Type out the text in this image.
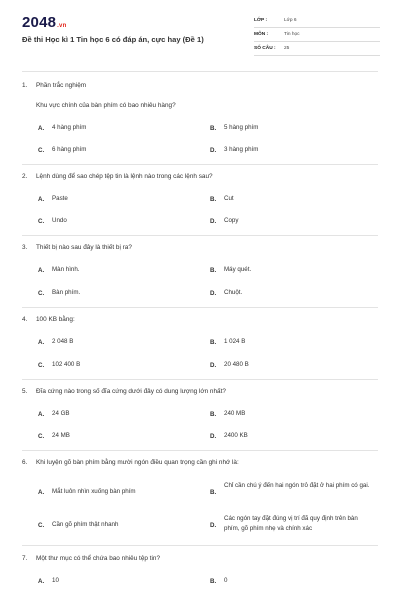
2048.vn
Đề thi Học kì 1 Tin học 6 có đáp án, cực hay (Đề 1)
LỚP :	Lớp 6
MÔN :	Tin học
SỐ CÂU : 25
1. Phần trắc nghiệm
Khu vực chính của bàn phím có bao nhiêu hàng?
A. 4 hàng phím	B. 5 hàng phím
C. 6 hàng phím	D. 3 hàng phím
2. Lệnh dùng để sao chép tệp tin là lệnh nào trong các lệnh sau?
A. Paste	B. Cut
C. Undo	D. Copy
3. Thiết bị nào sau đây là thiết bị ra?
A. Màn hình.	B. Máy quét.
C. Bàn phím.	D. Chuột.
4. 100 KB bằng:
A. 2 048 B	B. 1 024 B
C. 102 400 B	D. 20 480 B
5. Đĩa cứng nào trong số đĩa cứng dưới đây có dung lượng lớn nhất?
A. 24 GB	B. 240 MB
C. 24 MB	D. 2400 KB
6. Khi luyện gõ bàn phím bằng mười ngón điều quan trọng cần ghi nhớ là:
A. Mắt luôn nhìn xuống bàn phím	B.
Chỉ cần chú ý đến hai ngón trỏ đặt ở hai phím có gai.
C. Cần gõ phím thật nhanh	D.
Các ngón tay đặt đúng vị trí đã quy định trên bàn phím, gõ phím nhẹ và chính xác
7. Một thư mục có thể chứa bao nhiêu tệp tin?
A. 10	B. 0
